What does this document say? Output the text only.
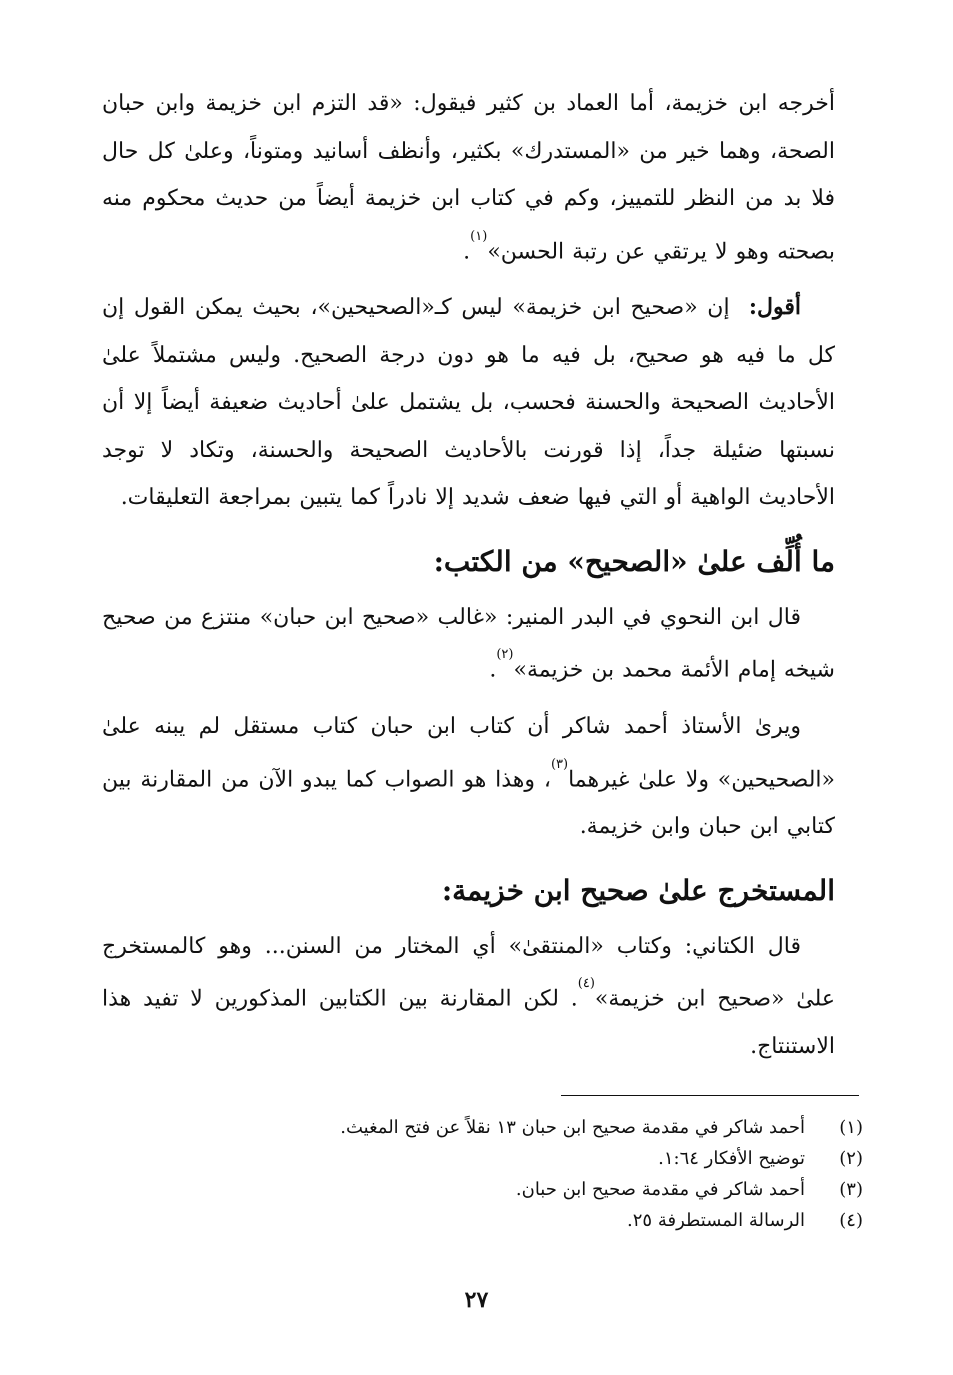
أخرجه ابن خزيمة، أما العماد بن كثير فيقول: «قد التزم ابن خزيمة وابن حبان الصحة، وهما خير من «المستدرك» بكثير، وأنظف أسانيد ومتوناً، وعلىٰ كل حال فلا بد من النظر للتمييز، وكم في كتاب ابن خزيمة أيضاً من حديث محكوم منه بصحته وهو لا يرتقي عن رتبة الحسن»$^{(١)}$.

أقول:  إن «صحيح ابن خزيمة» ليس كـ«الصحيحين»، بحيث يمكن القول إن كل ما فيه هو صحيح، بل فيه ما هو دون درجة الصحيح. وليس مشتملاً علىٰ الأحاديث الصحيحة والحسنة فحسب، بل يشتمل علىٰ أحاديث ضعيفة أيضاً إلا أن نسبتها ضئيلة جداً، إذا قورنت بالأحاديث الصحيحة والحسنة، وتكاد لا توجد الأحاديث الواهية أو التي فيها ضعف شديد إلا نادراً كما يتبين بمراجعة التعليقات.

ما أُلِّف علىٰ «الصحيح» من الكتب:

قال ابن النحوي في البدر المنير: «غالب «صحيح ابن حبان» منتزع من صحيح شيخه إمام الأئمة محمد بن خزيمة»$^{(٢)}$.

ويرىٰ الأستاذ أحمد شاكر أن كتاب ابن حبان كتاب مستقل لم يبنه علىٰ «الصحيحين» ولا علىٰ غيرهما$^{(٣)}$، وهذا هو الصواب كما يبدو الآن من المقارنة بين كتابي ابن حبان وابن خزيمة.

المستخرج علىٰ صحيح ابن خزيمة:

قال الكتاني: وكتاب «المنتقىٰ» أي المختار من السنن... وهو كالمستخرج علىٰ «صحيح ابن خزيمة»$^{(٤)}$. لكن المقارنة بين الكتابين المذكورين لا تفيد هذا الاستنتاج.

(١)أحمد شاكر في مقدمة صحيح ابن حبان ١٣ نقلاً عن فتح المغيث.
(٢)توضيح الأفكار ١:٦٤.
(٣)أحمد شاكر في مقدمة صحيح ابن حبان.
(٤)الرسالة المستطرفة ٢٥.
٢٧
